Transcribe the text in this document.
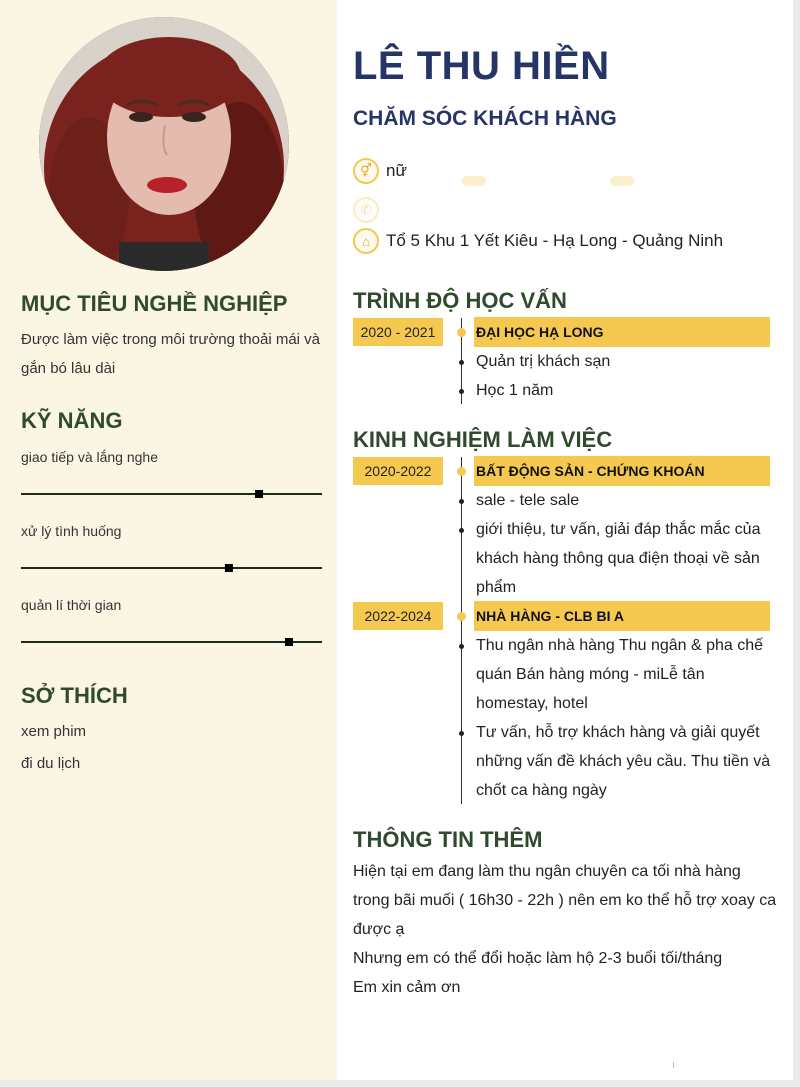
MỤC TIÊU NGHỀ NGHIỆP

Được làm việc trong môi trường thoải mái và gắn bó lâu dài

KỸ NĂNG
giao tiếp và lắng nghe
xử lý tình huống
quản lí thời gian
SỞ THÍCH
xem phim
đi du lịch
LÊ THU HIỀN
CHĂM SÓC KHÁCH HÀNG
⚥ nữ
✆
⌂ Tổ 5 Khu 1 Yết Kiêu - Hạ Long - Quảng Ninh
TRÌNH ĐỘ HỌC VẤN
2020 - 2021	ĐẠI HỌC HẠ LONG
Quản trị khách sạn
Học 1 năm
KINH NGHIỆM LÀM VIỆC
2020-2022	BẤT ĐỘNG SẢN - CHỨNG KHOÁN
sale - tele sale
giới thiệu, tư vấn, giải đáp thắc mắc của khách hàng thông qua điện thoại về sản phẩm
2022-2024	NHÀ HÀNG - CLB BI A
Thu ngân nhà hàng Thu ngân & pha chế quán Bán hàng móng - miLễ tân homestay, hotel
Tư vấn, hỗ trợ khách hàng và giải quyết những vấn đề khách yêu cầu. Thu tiền và chốt ca hàng ngày
THÔNG TIN THÊM
Hiện tại em đang làm thu ngân chuyên ca tối nhà hàng trong bãi muối ( 16h30 - 22h ) nên em ko thể hỗ trợ xoay ca được ạ
Nhưng em có thể đổi hoặc làm hộ 2-3 buổi tối/tháng
Em xin cảm ơn
